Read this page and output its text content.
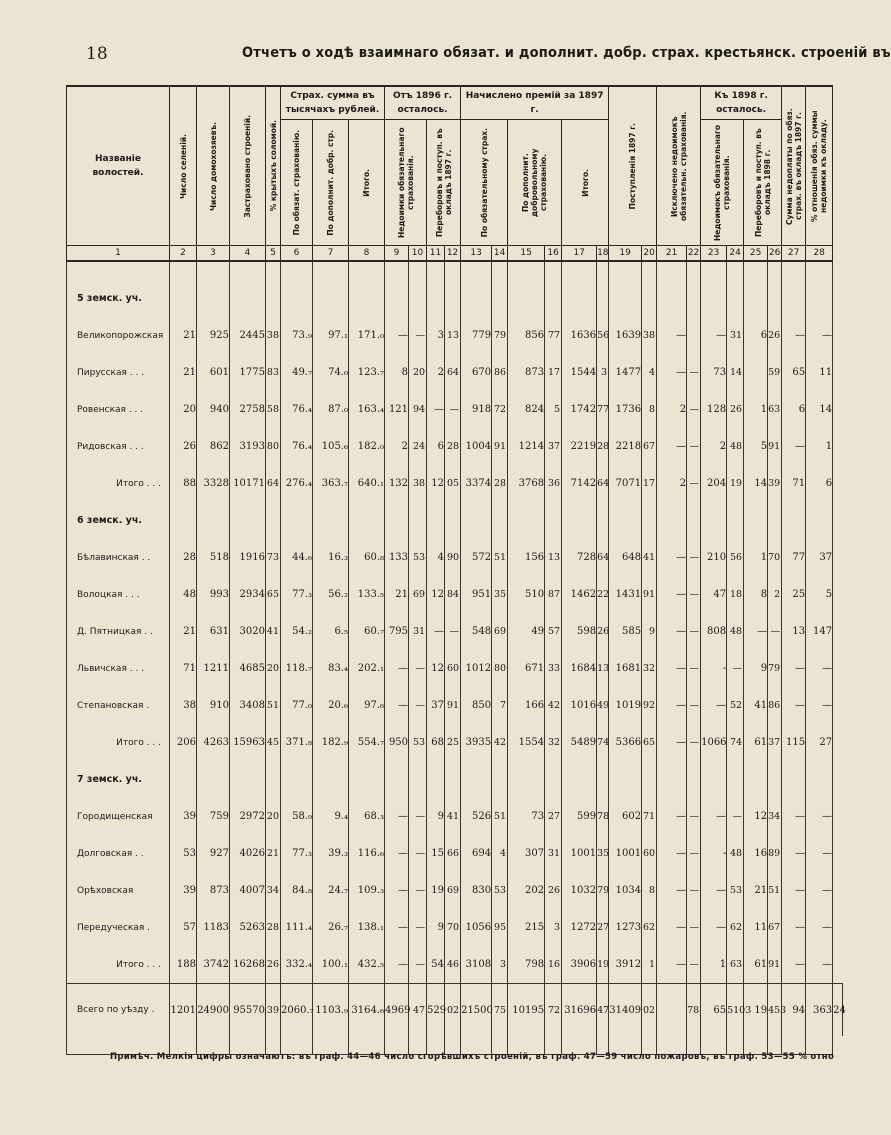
18	Отчетъ о ходѣ взаимнаго обязат. и дополнит. добр. страх. крестьянск. строеній въ
Названіе волостей.	Число селеній.	Число домохозяевъ.	Застраховано строеній.	% крытыхъ соломой.	Страх. сумма въ тысячахъ рублей.			Отъ 1896 г. осталось.				Начислено премій за 1897 г.						Поступленія 1897 г.		Исключено недоимокъ обязательн. страхованія.		Къ 1898 г. осталось.				Сумма недоплаты по обяз. страх. въ окладъ 1897 г.	% отношенія обяз. суммы недоимки къ окладу.	

					По обязат. страхованію.	По дополнит. добр. стр.	Итого.	Недоимки обязательнаго страхованія.		Переборовъ и поступ. въ окладъ 1897 г.		По обязательному страх.		По дополнит. добровольному страхованію.		Итого.						Недоимокъ обязательнаго страхованія.		Переборовъ и поступ. въ окладъ 1898 г.				

1	2	3	4	5	6	7	8	9	10	11	12	13	14	15	16	17	18	19	20	21	22	23	24	25	26	27	28	

5 земск. уч.																												
Великопорожская	21	925	2445	38	73.₉	97.₁	171.₀	—	—	3	13	779	79	856	77	1636	56	1639	38	—		—	31	6	26	—	—	
Пирусская . . .	21	601	1775	83	49.₇	74.₀	123.₇	8	20	2	64	670	86	873	17	1544	3	1477	4	—	—	73	14		59	65	11	
Ровенская . . .	20	940	2758	58	76.₄	87.₀	163.₄	121	94	—	—	918	72	824	5	1742	77	1736	8	2	—	128	26	1	63	6	14	
Ридовская . . .	26	862	3193	80	76.₄	105.₆	182.₀	2	24	6	28	1004	91	1214	37	2219	28	2218	67	—	—	2	48	5	91	—	1	
Итого . . .	88	3328	10171	64	276.₄	363.₇	640.₁	132	38	12	05	3374	28	3768	36	7142	64	7071	17	2	—	204	19	14	39	71	6	
6 земск. уч.																												
Бѣлавинская . .	28	518	1916	73	44.₆	16.₃	60.₈	133	53	4	90	572	51	156	13	728	64	648	41	—	—	210	56	1	70	77	37	
Волоцкая . . .	48	993	2934	65	77.₃	56.₂	133.₅	21	69	12	84	951	35	510	87	1462	22	1431	91	—	—	47	18	8	2	25	5	
Д. Пятницкая . .	21	631	3020	41	54.₂	6.₅	60.₇	795	31	—	—	548	69	49	57	598	26	585	9	—	—	808	48	—	—	13	147	
Львичская . . .	71	1211	4685	20	118.₇	83.₄	202.₁	—	—	12	60	1012	80	671	33	1684	13	1681	32	—	—	-	—	9	79	—	—	
Степановская .	38	910	3408	51	77.₀	20.₆	97.₆	—	—	37	91	850	7	166	42	1016	49	1019	92	—	—	—	52	41	86	—	—	
Итого . . .	206	4263	15963	45	371.₈	182.₉	554.₇	950	53	68	25	3935	42	1554	32	5489	74	5366	65	—	—	1066	74	61	37	115	27	
7 земск. уч.																												
Городищенская	39	759	2972	20	58.₉	9.₄	68.₃	—	—	9	41	526	51	73	27	599	78	602	71	—	—	—	—	12	34	—	—	
Долговская . .	53	927	4026	21	77.₃	39.₃	116.₆	—	—	15	66	694	4	307	31	1001	35	1001	60	—	—	-	48	16	89	—	—	
Орѣховская	39	873	4007	34	84.₈	24.₇	109.₃	—	—	19	69	830	53	202	26	1032	79	1034	8	—	—	—	53	21	51	—	—	
Передуческая .	57	1183	5263	28	111.₄	26.₇	138.₁	—	—	9	70	1056	95	215	3	1272	27	1273	62	—	—	—	62	11	67	—	—	
Итого . . .	188	3742	16268	26	332.₄	100.₁	432.₅	—	—	54	46	3108	3	798	16	3906	19	3912	1	—	—	1	63	61	91	—	—	
Всего по уѣзду .	1201	24900	95570	39	2060.₇	1103.₉	3164.₆	4969	47	529	02	21500	75	10195	72	31696	47	31409	02		78	65	5103	19	453	94	363	24

Примѣч. Мелкія цифры означаютъ: въ граф. 44—46 число сгорѣвшихъ строеній, въ граф. 47—59 число пожаровъ, въ граф. 53—55 % отно
